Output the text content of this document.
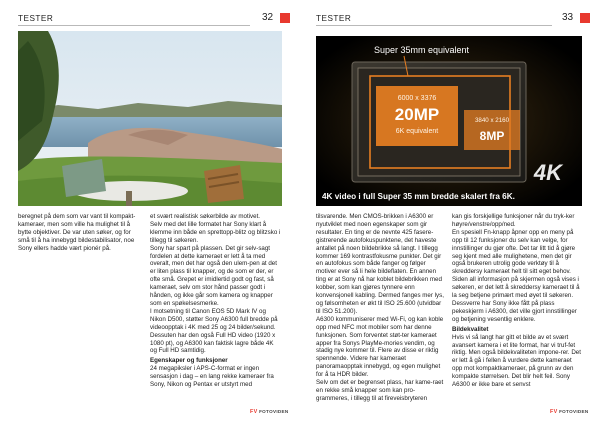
TESTER	32

beregnet på dem som var vant til kompakt-kameraer, men som ville ha mulighet til å bytte objektiver. De var uten søker, og for små til å ha innebygd bildestabilisator, noe Sony ellers hadde vært pionér på.

et svært realistisk søkerbilde av motivet.

Selv med det lille formatet har Sony klart å klemme inn både en sprettopp-blitz og blitzsko i tillegg til søkeren.

Sony har spart på plassen. Det gir selv-sagt fordelen at dette kameraet er lett å ta med overalt, men det har også den ulem-pen at det er liten plass til knapper, og de som er der, er ofte små. Grepet er imidlertid godt og fast, så kameraet, selv om stor hånd passer godt i hånden, og ikke går som kamera og knapper som en spøkelsesmerke.

I motsetning til Canon EOS 5D Mark IV og Nikon D500, støtter Sony A6300 full bredde på videoopptak i 4K med 25 og 24 bilder/sekund. Dessuten har den også Full HD video (1920 x 1080 pt), og A6300 kan faktisk lagre både 4K og Full HD samtidig.

Egenskaper og funksjoner

24 megapiksler i APS-C-format er ingen sensasjon i dag – en lang rekke kameraer fra Sony, Nikon og Pentax er utstyrt med

FV FOTOVIDEN
TESTER	33
Super 35mm equivalent
6000 x 3376
20MP
6K equivalent
3840 x 2160
8MP
4K
4K video i full Super 35 mm bredde skalert fra 6K.

tilsvarende. Men CMOS-brikken i A6300 er nyutviklet med noen egenskaper som gir resultater. En ting er de nevnte 425 fasere-gistrerende autofokuspunktene, det haveste antallet på noen bildebrikke så langt. I tillegg kommer 169 kontrastfokusme punkter. Det gir en autofokus som både fanger og følger motiver ever så li hele bildeflaten. En annen ting er at Sony nå har koblet bildebrikken med kobber, som kan gjøres tynnere enn konvensjonell kabling. Dermed fanges mer lys, og følsomheten er økt til ISO 25.600 (utvidbar til ISO 51.200).

A6300 kommuniserer med Wi-Fi, og kan koble opp med NFC mot mobiler som har denne funksjonen. Som forventet støt-ter kameraet apper fra Sonys PlayMe-mories vendim, og stadig nye kommer til. Flere av disse er riktig spennende. Videre har kameraet panoramaopptak innebygd, og egen mulighet for å ta HDR bilder.

Selv om det er begrenset plass, har kame-raet en rekke små knapper som kan pro-grammeres, i tillegg til at fireveisbryteren

kan gis forskjellige funksjoner når du tryk-ker høyre/venstre/opp/ned.

En spesiell Fn-knapp åpner opp en meny på opp til 12 funksjoner du selv kan velge, for innstillinger du gjør ofte. Det tar litt tid å gjøre seg kjent med alle mulighetene, men det gir også brukeren utrolig gode verktøy til å skreddersy kameraet helt til sitt eget behov. Siden all informasjon på skjermen også vises i søkeren, er det lett å skreddersy kameraet til å la seg betjene primært med øyet til søkeren. Dessverre har Sony ikke fått på plass pekeskjerm i A6300, det ville gjort innstillinger og betjening vesentlig enklere.

Bildekvalitet

Hvis vi så langt har gitt et bilde av et svært avansert kamera i et lite format, har vi truf-fet riktig. Men også bildekvaliteten impone-rer. Det er lett å gå i fellen å vurdere dette kameraet opp mot kompaktkameraer, på grunn av den kompakte størrelsen. Det blir helt feil. Sony A6300 er ikke bare et senvst

FV FOTOVIDEN
